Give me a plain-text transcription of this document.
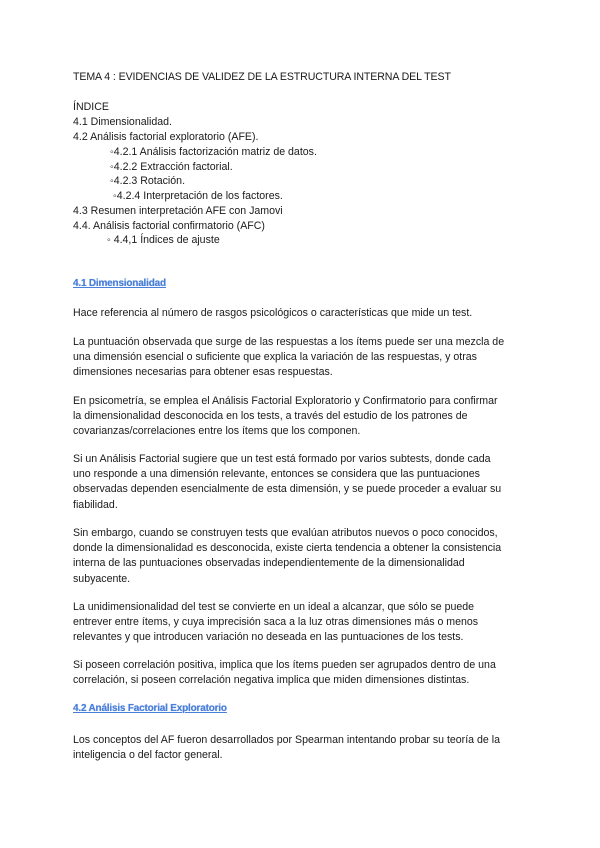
TEMA 4 : EVIDENCIAS DE VALIDEZ DE LA ESTRUCTURA INTERNA DEL TEST
ÍNDICE
4.1 Dimensionalidad.
4.2 Análisis factorial exploratorio (AFE).
◦4.2.1 Análisis factorización matriz de datos.
◦4.2.2 Extracción factorial.
◦4.2.3 Rotación.
◦4.2.4 Interpretación de los factores.
4.3 Resumen interpretación AFE con Jamovi
4.4. Análisis factorial confirmatorio (AFC)
◦ 4.4,1 Índices de ajuste
4.1 Dimensionalidad
Hace referencia al número de rasgos psicológicos o características que mide un test.
La puntuación observada que surge de las respuestas a los ítems puede ser una mezcla de
una dimensión esencial o suficiente que explica la variación de las respuestas, y otras
dimensiones necesarias para obtener esas respuestas.
En psicometría, se emplea el Análisis Factorial Exploratorio y Confirmatorio para confirmar
la dimensionalidad desconocida en los tests, a través del estudio de los patrones de
covarianzas/correlaciones entre los ítems que los componen.
Si un Análisis Factorial sugiere que un test está formado por varios subtests, donde cada
uno responde a una dimensión relevante, entonces se considera que las puntuaciones
observadas dependen esencialmente de esta dimensión, y se puede proceder a evaluar su
fiabilidad.
Sin embargo, cuando se construyen tests que evalúan atributos nuevos o poco conocidos,
donde la dimensionalidad es desconocida, existe cierta tendencia a obtener la consistencia
interna de las puntuaciones observadas independientemente de la dimensionalidad
subyacente.
La unidimensionalidad del test se convierte en un ideal a alcanzar, que sólo se puede
entrever entre ítems, y cuya imprecisión saca a la luz otras dimensiones más o menos
relevantes y que introducen variación no deseada en las puntuaciones de los tests.
Si poseen correlación positiva, implica que los ítems pueden ser agrupados dentro de una
correlación, si poseen correlación negativa implica que miden dimensiones distintas.
4.2 Análisis Factorial Exploratorio
Los conceptos del AF fueron desarrollados por Spearman intentando probar su teoría de la
inteligencia o del factor general.
